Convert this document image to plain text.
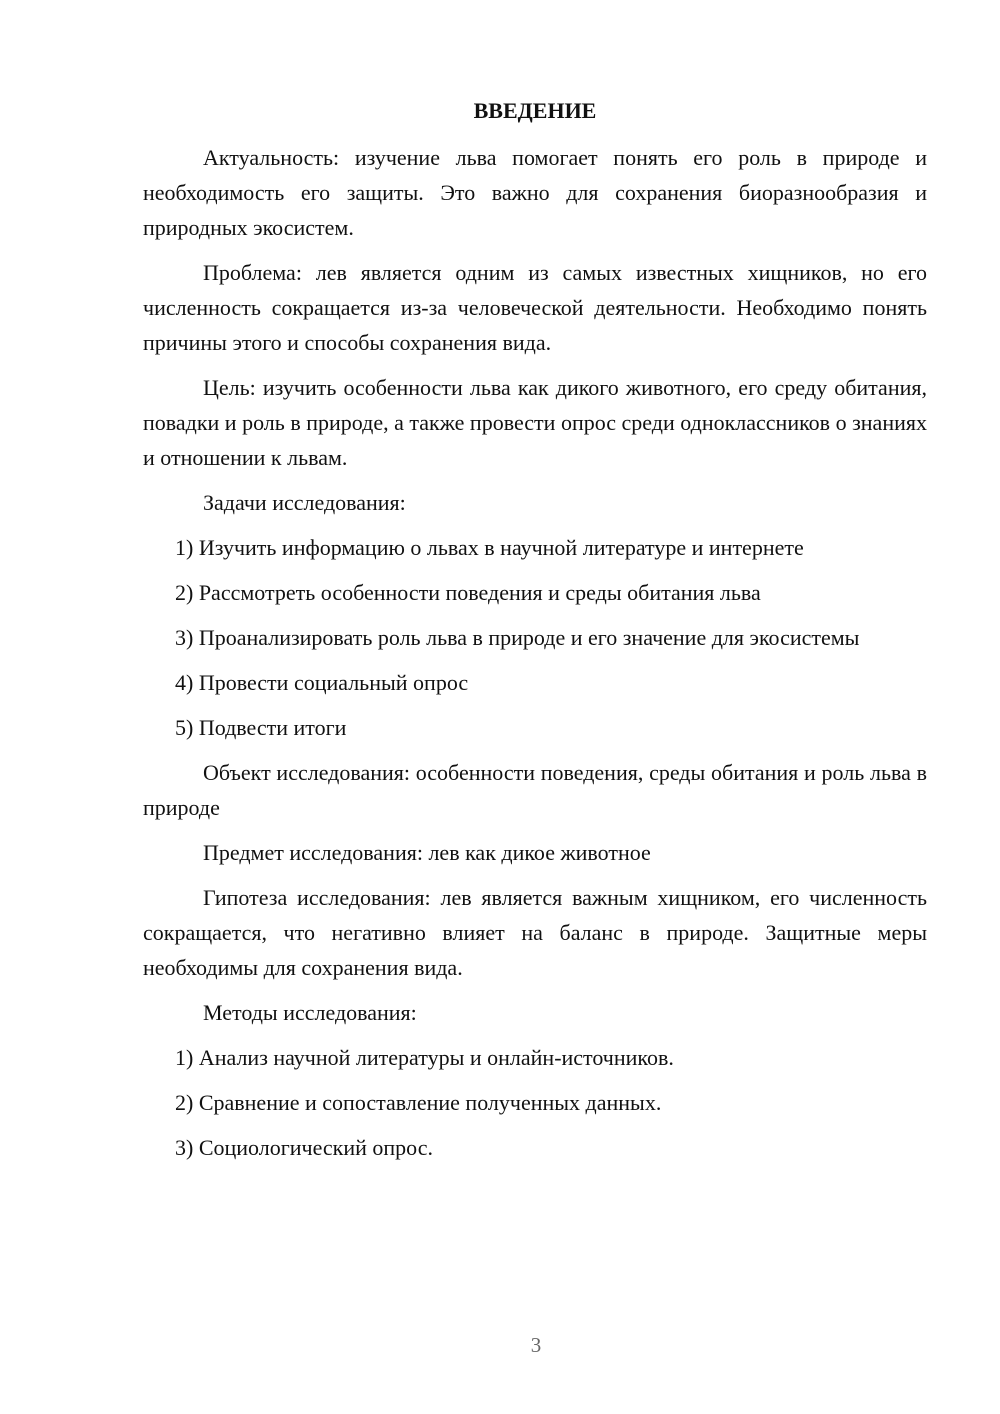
ВВЕДЕНИЕ

Актуальность: изучение льва помогает понять его роль в природе и необходимость его защиты. Это важно для сохранения биоразнообразия и природных экосистем.

Проблема: лев является одним из самых известных хищников, но его численность сокращается из-за человеческой деятельности. Необходимо понять причины этого и способы сохранения вида.

Цель: изучить особенности льва как дикого животного, его среду обитания, повадки и роль в природе, а также провести опрос среди одноклассников о знаниях и отношении к львам.

Задачи исследования:

1) Изучить информацию о львах в научной литературе и интернете

2) Рассмотреть особенности поведения и среды обитания льва

3) Проанализировать роль льва в природе и его значение для экосистемы

4) Провести социальный опрос

5) Подвести итоги

Объект исследования: особенности поведения, среды обитания и роль льва в природе

Предмет исследования: лев как дикое животное

Гипотеза исследования: лев является важным хищником, его численность сокращается, что негативно влияет на баланс в природе. Защитные меры необходимы для сохранения вида.

Методы исследования:

1) Анализ научной литературы и онлайн-источников.

2) Сравнение и сопоставление полученных данных.

3) Социологический опрос.

3
